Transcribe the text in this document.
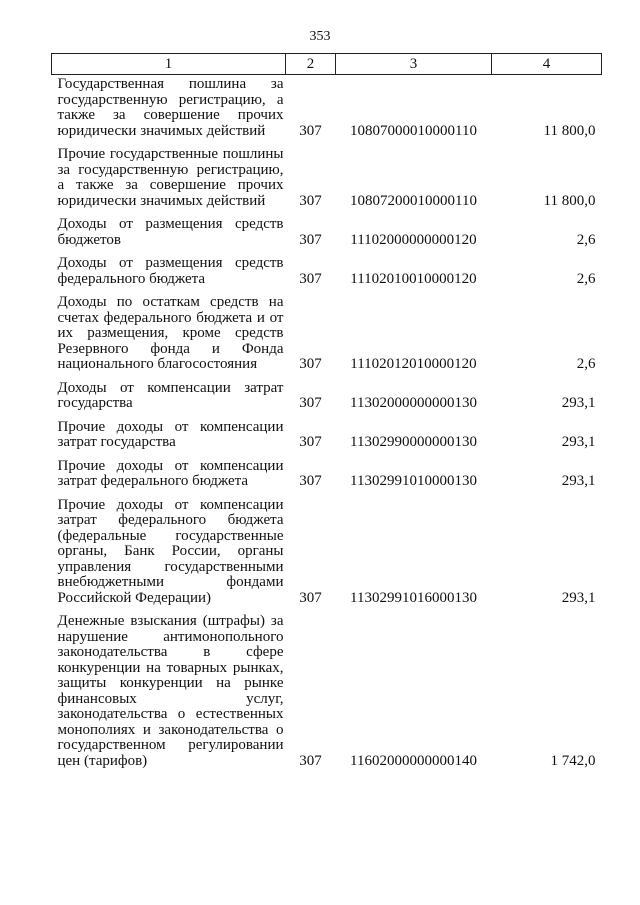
353
1	2	3	4
Государственная пошлина за государственную регистрацию, а также за совершение прочих юридически значимых действий	307	10807000010000110	11 800,0
Прочие государственные пошлины за государственную регистрацию, а также за совершение прочих юридически значимых действий	307	10807200010000110	11 800,0
Доходы от размещения средств бюджетов	307	11102000000000120	2,6
Доходы от размещения средств федерального бюджета	307	11102010010000120	2,6
Доходы по остаткам средств на счетах федерального бюджета и от их размещения, кроме средств Резервного фонда и Фонда национального благосостояния	307	11102012010000120	2,6
Доходы от компенсации затрат государства	307	11302000000000130	293,1
Прочие доходы от компенсации затрат государства	307	11302990000000130	293,1
Прочие доходы от компенсации затрат федерального бюджета	307	11302991010000130	293,1
Прочие доходы от компенсации затрат федерального бюджета (федеральные государственные органы, Банк России, органы управления государственными внебюджетными фондами Российской Федерации)	307	11302991016000130	293,1
Денежные взыскания (штрафы) за нарушение антимонопольного законодательства в сфере конкуренции на товарных рынках, защиты конкуренции на рынке финансовых услуг, законодательства о естественных монополиях и законодательства о государственном регулировании цен (тарифов)	307	11602000000000140	1 742,0
